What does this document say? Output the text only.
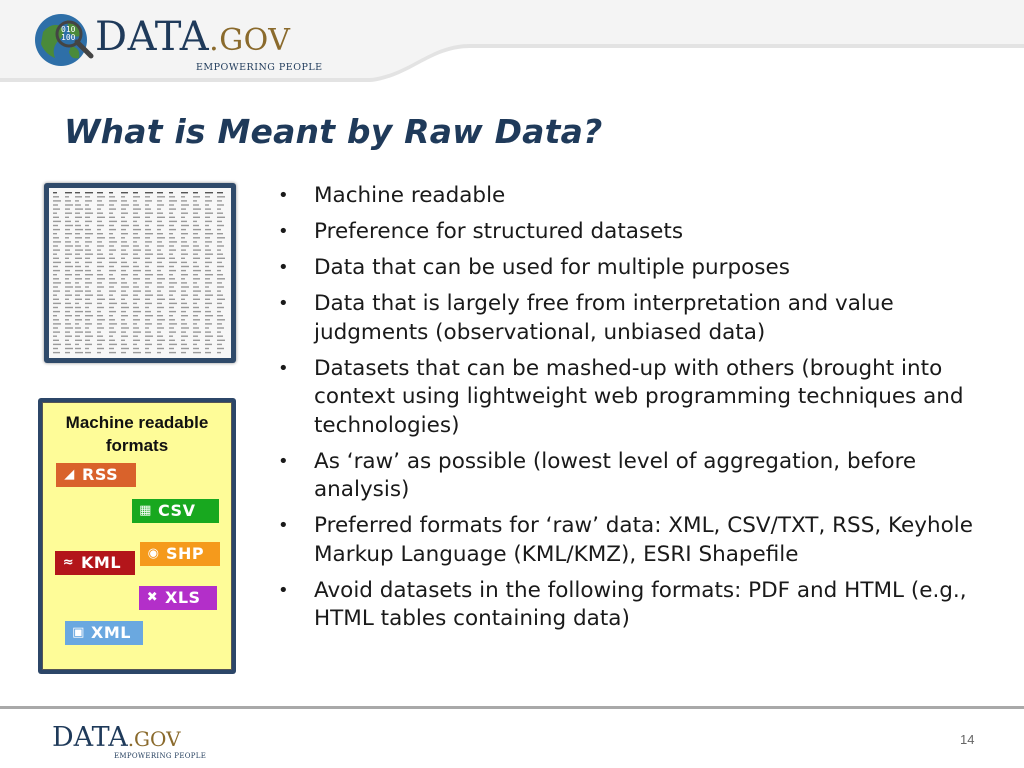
010
100 DATA.GOV
EMPOWERING PEOPLE
What is Meant by Raw Data?
Machine readable formats
◢ RSS
▦ CSV
≈ KML	◉ SHP
✖ XLS
▣ XML
• Machine readable
• Preference for structured datasets
• Data that can be used for multiple purposes
• Data that is largely free from interpretation and value judgments (observational, unbiased data)
• Datasets that can be mashed-up with others (brought into context using lightweight web programming techniques and technologies)
• As ‘raw’ as possible (lowest level of aggregation, before analysis)
• Preferred formats for ‘raw’ data: XML, CSV/TXT, RSS, Keyhole Markup Language (KML/KMZ), ESRI Shapefile
• Avoid datasets in the following formats: PDF and HTML (e.g., HTML tables containing data)
DATA.GOV
EMPOWERING PEOPLE
14
